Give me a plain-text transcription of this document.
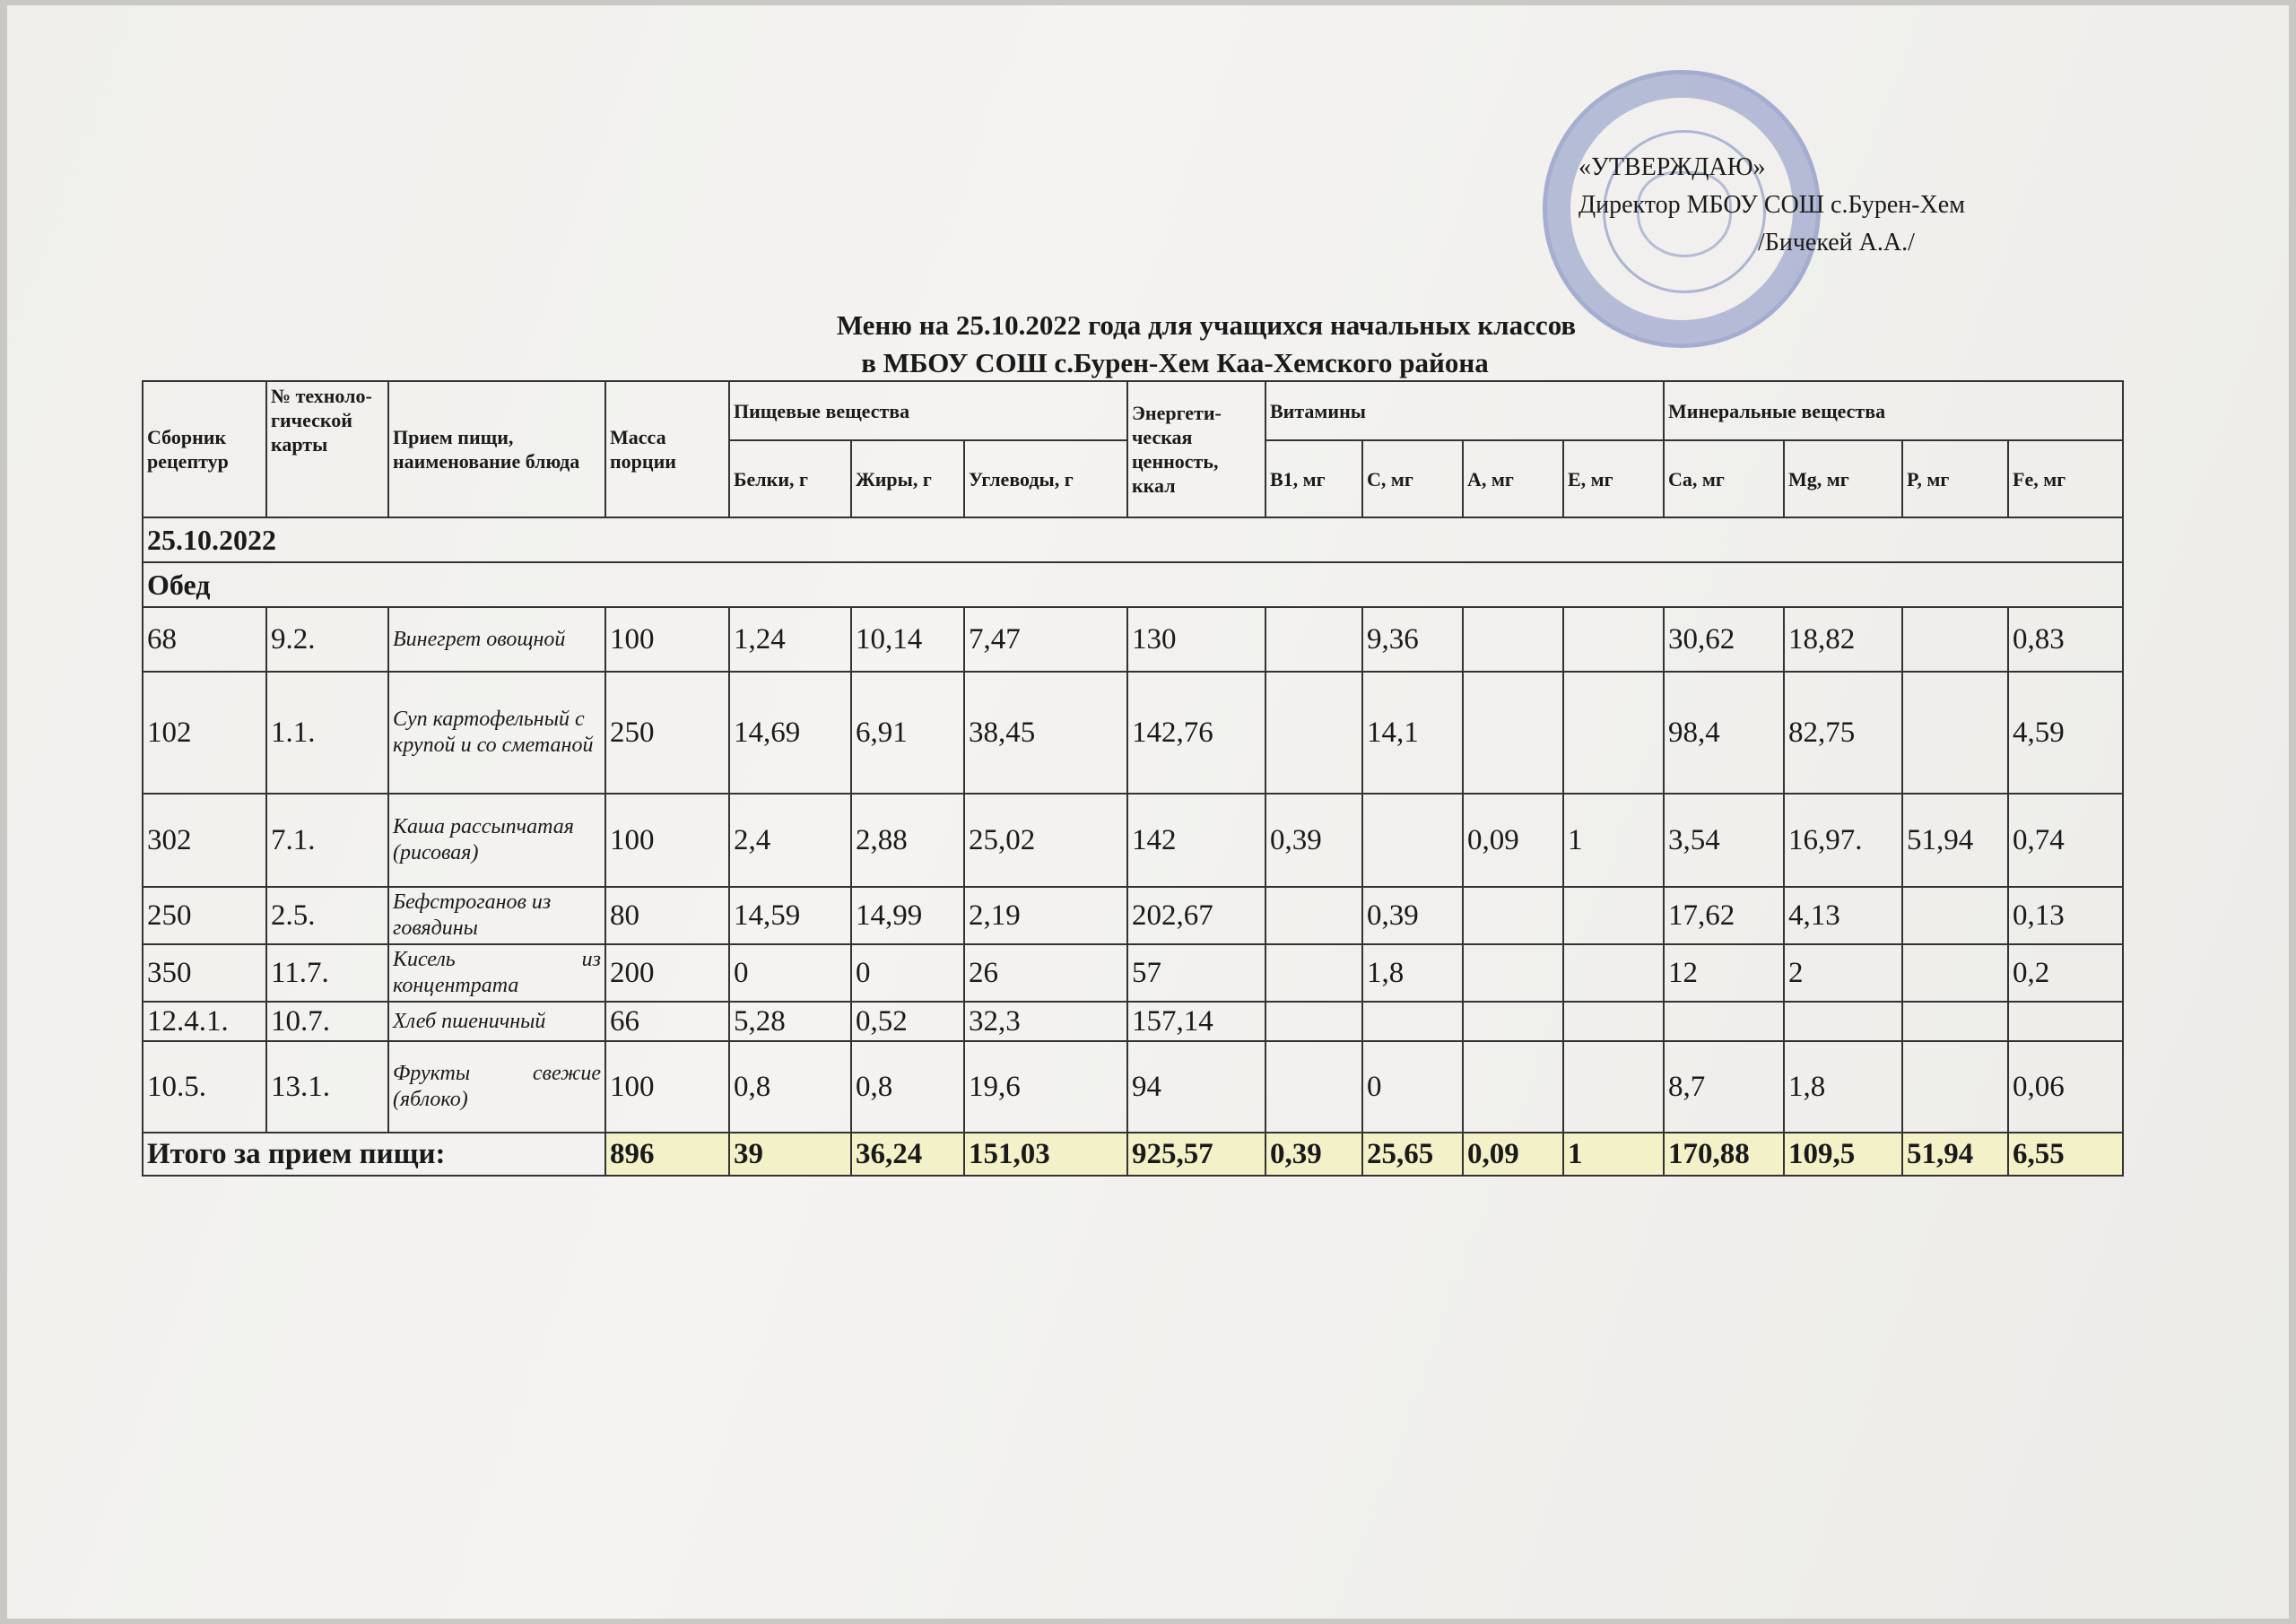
«УТВЕРЖДАЮ»
Директор МБОУ СОШ с.Бурен-Хем
/Бичекей А.А./
Меню на 25.10.2022 года для учащихся начальных классов
в МБОУ СОШ с.Бурен-Хем Каа-Хемского района
Сборник рецептур	№ техноло-гической карты	Прием пищи, наименование блюда	Масса порции	Пищевые вещества			Энергети-ческая ценность, ккал	Витамины				Минеральные вещества			
				Белки, г	Жиры, г	Углеводы, г		B1, мг	C, мг	A, мг	E, мг	Ca, мг	Mg, мг	P, мг	Fe, мг
25.10.2022															
Обед															
68	9.2.	Винегрет овощной	100	1,24	10,14	7,47	130		9,36			30,62	18,82		0,83
102	1.1.	Суп картофельный с крупой и со сметаной	250	14,69	6,91	38,45	142,76		14,1			98,4	82,75		4,59
302	7.1.	Каша рассыпчатая (рисовая)	100	2,4	2,88	25,02	142	0,39		0,09	1	3,54	16,97.	51,94	0,74
250	2.5.	Бефстроганов из говядины	80	14,59	14,99	2,19	202,67		0,39			17,62	4,13		0,13
350	11.7.	Кисель из концентрата	200	0	0	26	57		1,8			12	2		0,2
12.4.1.	10.7.	Хлеб пшеничный	66	5,28	0,52	32,3	157,14								
10.5.	13.1.	Фрукты свежие (яблоко)	100	0,8	0,8	19,6	94		0			8,7	1,8		0,06
Итого за прием пищи:			896	39	36,24	151,03	925,57	0,39	25,65	0,09	1	170,88	109,5	51,94	6,55
